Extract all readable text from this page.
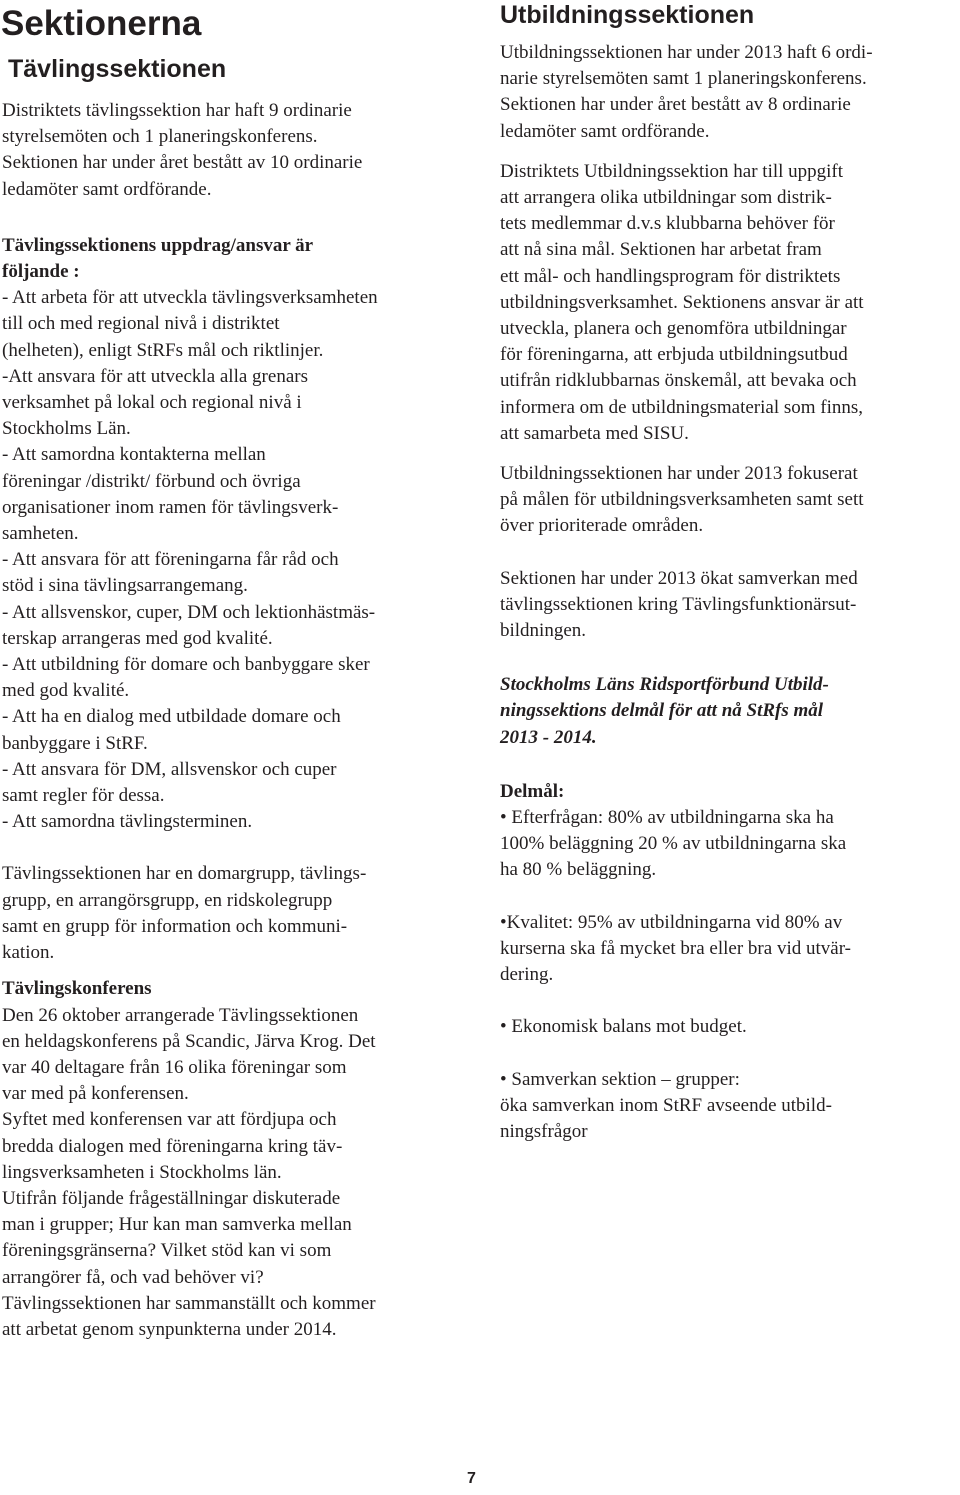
Sektionerna
Tävlingssektionen
Distriktets tävlingssektion har haft 9 ordinarie
styrelsemöten och 1 planeringskonferens.
Sektionen har under året bestått av 10 ordinarie
ledamöter samt ordförande.
Tävlingssektionens uppdrag/ansvar är
följande :
- Att arbeta för att utveckla tävlingsverksamheten
till och med regional nivå i distriktet
(helheten), enligt StRFs mål och riktlinjer.
-Att ansvara för att utveckla alla grenars
verksamhet på lokal och regional nivå i
Stockholms Län.
- Att samordna kontakterna mellan
föreningar /distrikt/ förbund och övriga
organisationer inom ramen för tävlingsverk-
samheten.
- Att ansvara för att föreningarna får råd och
stöd i sina tävlingsarrangemang.
- Att allsvenskor, cuper, DM och lektionhästmäs-
terskap arrangeras med god kvalité.
- Att utbildning för domare och banbyggare sker
med god kvalité.
- Att ha en dialog med utbildade domare och
banbyggare i StRF.
- Att ansvara för DM, allsvenskor och cuper
samt regler för dessa.
- Att samordna tävlingsterminen.
Tävlingssektionen har en domargrupp, tävlings-
grupp, en arrangörsgrupp, en ridskolegrupp
samt en grupp för information och kommuni-
kation.
Tävlingskonferens
Den 26 oktober arrangerade Tävlingssektionen
en heldagskonferens på Scandic, Järva Krog. Det
var 40 deltagare från 16 olika föreningar som
var med på konferensen.
Syftet med konferensen var att fördjupa och
bredda dialogen med föreningarna kring täv-
lingsverksamheten i Stockholms län.
Utifrån följande frågeställningar diskuterade
man i grupper; Hur kan man samverka mellan
föreningsgränserna? Vilket stöd kan vi som
arrangörer få, och vad behöver vi?
Tävlingssektionen har sammanställt och kommer
att arbetat genom synpunkterna under 2014.
Utbildningssektionen
Utbildningssektionen har under 2013 haft 6 ordi-
narie styrelsemöten samt 1 planeringskonferens.
Sektionen har under året bestått av 8 ordinarie
ledamöter samt ordförande.
Distriktets Utbildningssektion har till uppgift
att arrangera olika utbildningar som distrik-
tets medlemmar d.v.s klubbarna behöver för
att nå sina mål. Sektionen har arbetat fram
ett mål- och handlingsprogram för distriktets
utbildningsverksamhet. Sektionens ansvar är att
utveckla, planera och genomföra utbildningar
för föreningarna, att erbjuda utbildningsutbud
utifrån ridklubbarnas önskemål, att bevaka och
informera om de utbildningsmaterial som finns,
att samarbeta med SISU.
Utbildningssektionen har under 2013 fokuserat
på målen för utbildningsverksamheten samt sett
över prioriterade områden.
Sektionen har under 2013 ökat samverkan med
tävlingssektionen kring Tävlingsfunktionärsut-
bildningen.
Stockholms Läns Ridsportförbund Utbild-
ningssektions delmål för att nå StRfs mål
2013 - 2014.
Delmål:
• Efterfrågan: 80% av utbildningarna ska ha
100% beläggning 20 % av utbildningarna ska
ha 80 % beläggning.
•Kvalitet: 95% av utbildningarna vid 80% av
kurserna ska få mycket bra eller bra vid utvär-
dering.
• Ekonomisk balans mot budget.
• Samverkan sektion – grupper:
öka samverkan inom StRF avseende utbild-
ningsfrågor
7
